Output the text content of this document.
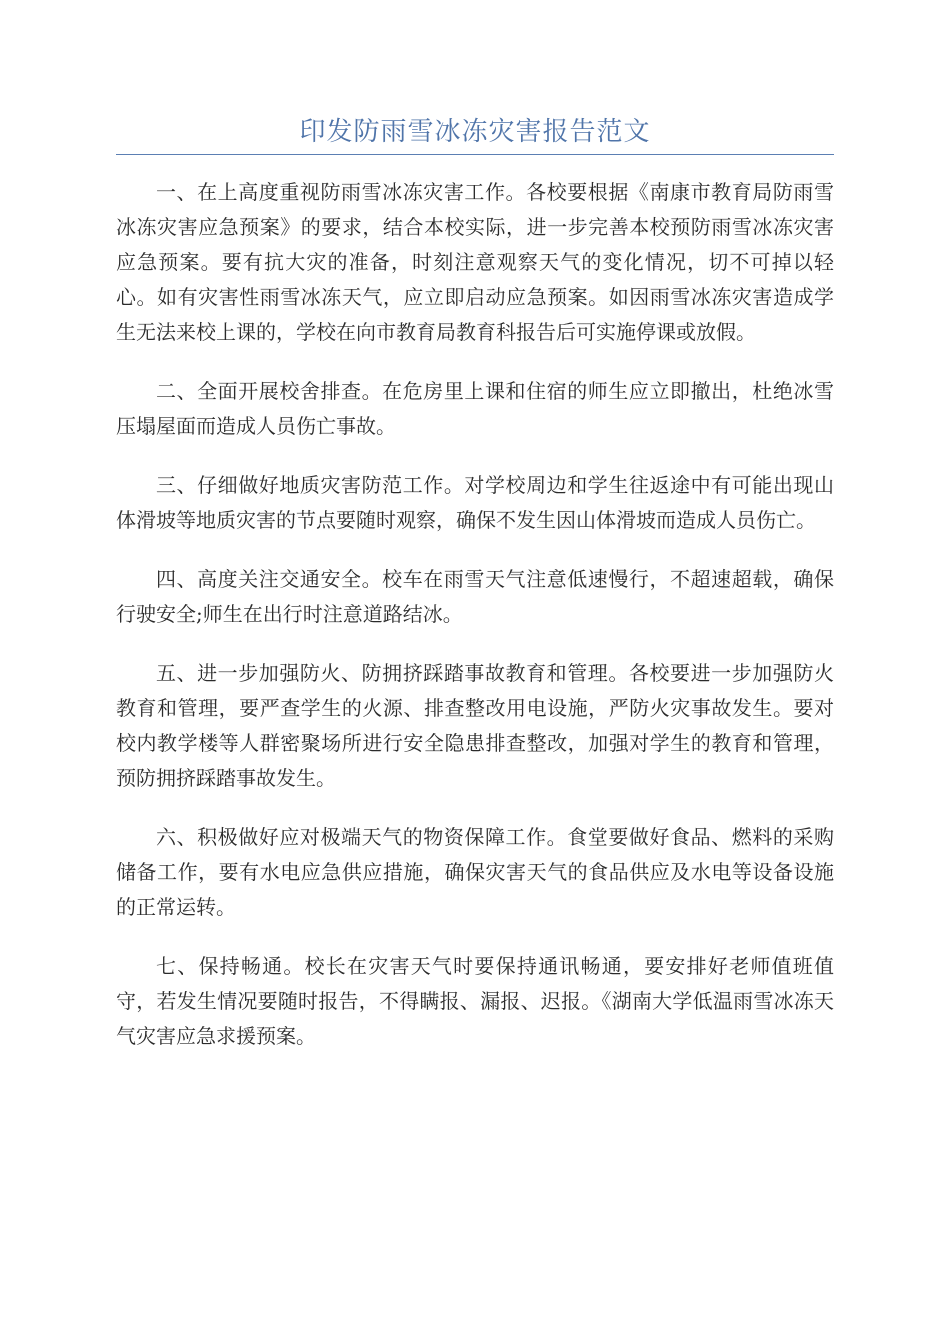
印发防雨雪冰冻灾害报告范文

一、在上高度重视防雨雪冰冻灾害工作。各校要根据《南康市教育局防雨雪冰冻灾害应急预案》的要求，结合本校实际，进一步完善本校预防雨雪冰冻灾害应急预案。要有抗大灾的准备，时刻注意观察天气的变化情况，切不可掉以轻心。如有灾害性雨雪冰冻天气，应立即启动应急预案。如因雨雪冰冻灾害造成学生无法来校上课的，学校在向市教育局教育科报告后可实施停课或放假。

二、全面开展校舍排查。在危房里上课和住宿的师生应立即撤出，杜绝冰雪压塌屋面而造成人员伤亡事故。

三、仔细做好地质灾害防范工作。对学校周边和学生往返途中有可能出现山体滑坡等地质灾害的节点要随时观察，确保不发生因山体滑坡而造成人员伤亡。

四、高度关注交通安全。校车在雨雪天气注意低速慢行，不超速超载，确保行驶安全;师生在出行时注意道路结冰。

五、进一步加强防火、防拥挤踩踏事故教育和管理。各校要进一步加强防火教育和管理，要严查学生的火源、排查整改用电设施，严防火灾事故发生。要对校内教学楼等人群密聚场所进行安全隐患排查整改，加强对学生的教育和管理，预防拥挤踩踏事故发生。

六、积极做好应对极端天气的物资保障工作。食堂要做好食品、燃料的采购储备工作，要有水电应急供应措施，确保灾害天气的食品供应及水电等设备设施的正常运转。

七、保持畅通。校长在灾害天气时要保持通讯畅通，要安排好老师值班值守，若发生情况要随时报告，不得瞒报、漏报、迟报。《湖南大学低温雨雪冰冻天气灾害应急求援预案。
